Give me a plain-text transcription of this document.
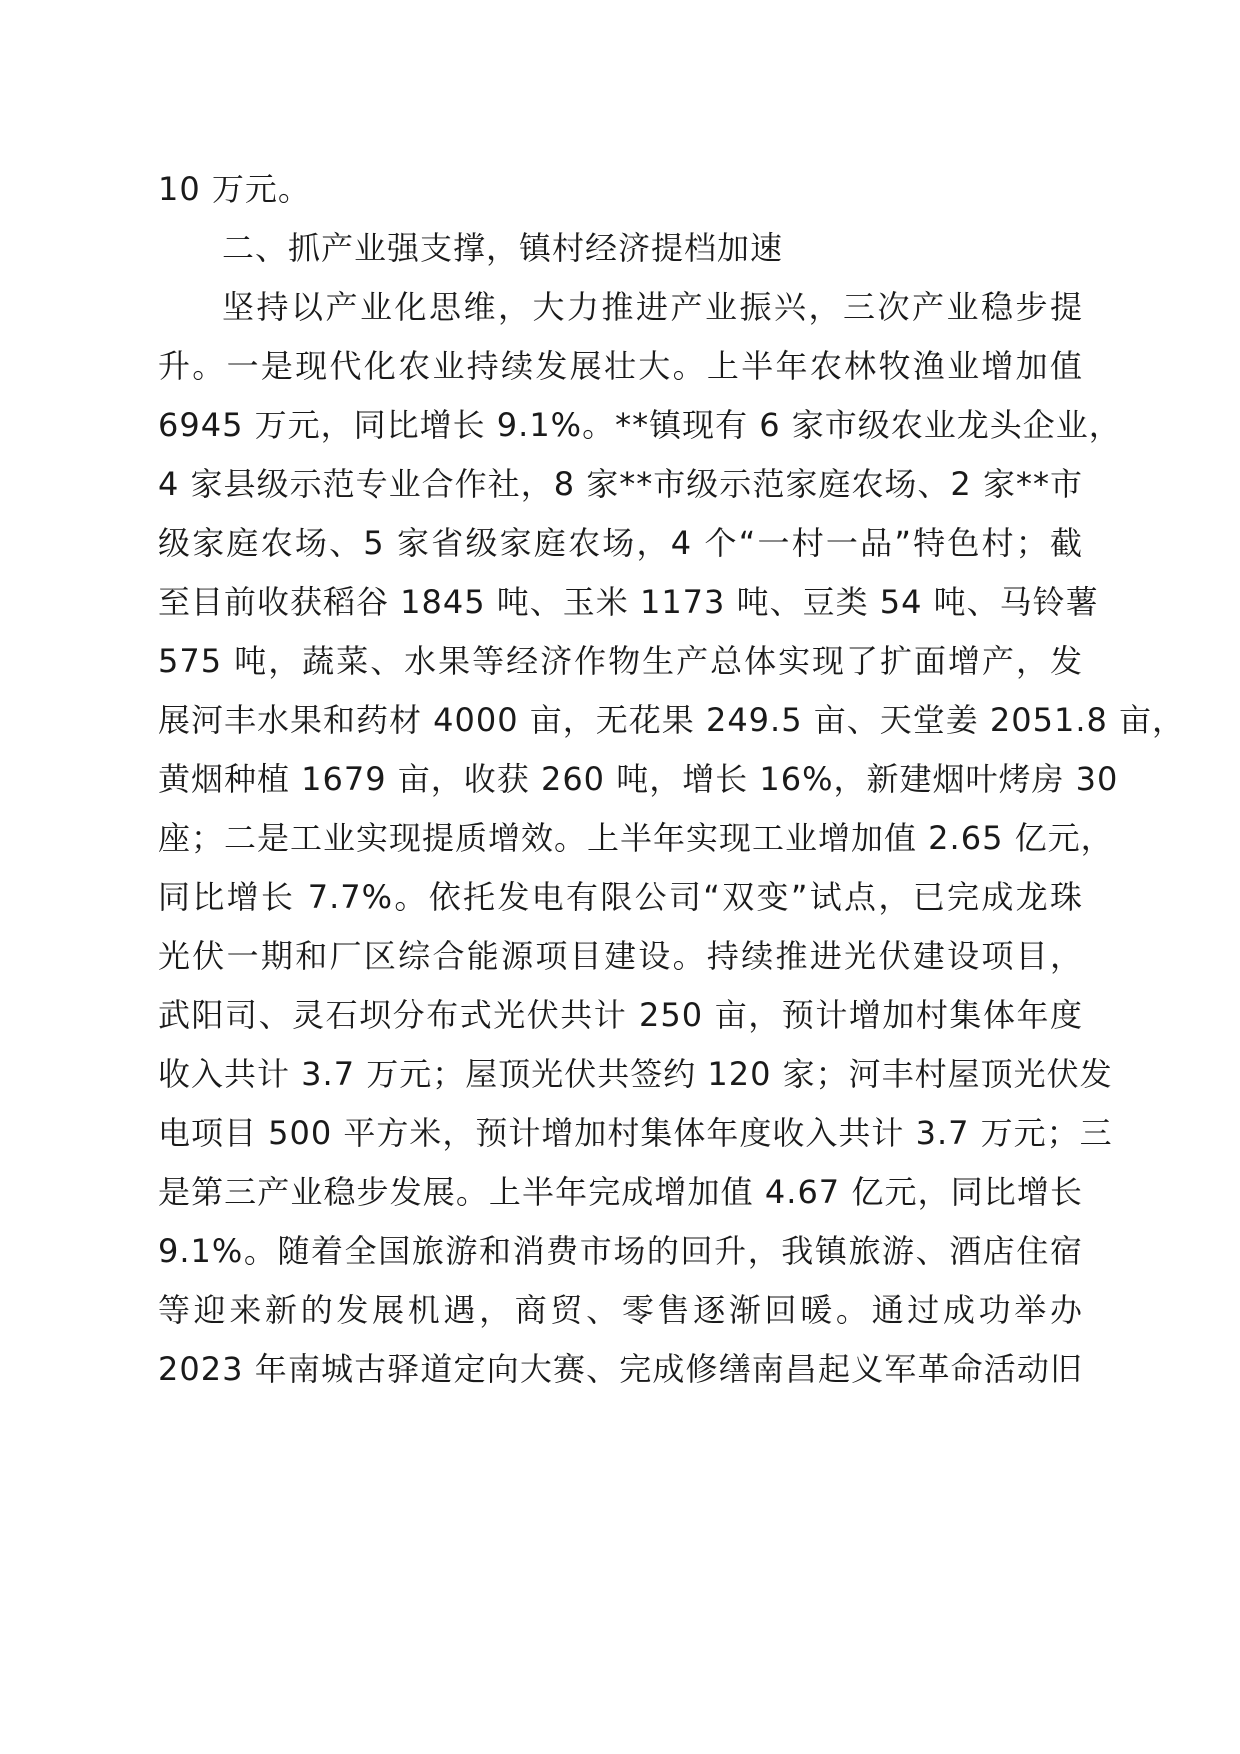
10 万元。
二、抓产业强支撑，镇村经济提档加速
坚持以产业化思维，大力推进产业振兴，三次产业稳步提
升。一是现代化农业持续发展壮大。上半年农林牧渔业增加值
6945 万元，同比增长 9.1%。**镇现有 6 家市级农业龙头企业，
4 家县级示范专业合作社，8 家**市级示范家庭农场、2 家**市
级家庭农场、5 家省级家庭农场，4 个“一村一品”特色村；截
至目前收获稻谷 1845 吨、玉米 1173 吨、豆类 54 吨、马铃薯
575 吨，蔬菜、水果等经济作物生产总体实现了扩面增产，发
展河丰水果和药材 4000 亩，无花果 249.5 亩、天堂姜 2051.8 亩，
黄烟种植 1679 亩，收获 260 吨，增长 16%，新建烟叶烤房 30
座；二是工业实现提质增效。上半年实现工业增加值 2.65 亿元，
同比增长 7.7%。依托发电有限公司“双变”试点，已完成龙珠
光伏一期和厂区综合能源项目建设。持续推进光伏建设项目，
武阳司、灵石坝分布式光伏共计 250 亩，预计增加村集体年度
收入共计 3.7 万元；屋顶光伏共签约 120 家；河丰村屋顶光伏发
电项目 500 平方米，预计增加村集体年度收入共计 3.7 万元；三
是第三产业稳步发展。上半年完成增加值 4.67 亿元，同比增长
9.1%。随着全国旅游和消费市场的回升，我镇旅游、酒店住宿
等迎来新的发展机遇，商贸、零售逐渐回暖。通过成功举办
2023 年南城古驿道定向大赛、完成修缮南昌起义军革命活动旧
